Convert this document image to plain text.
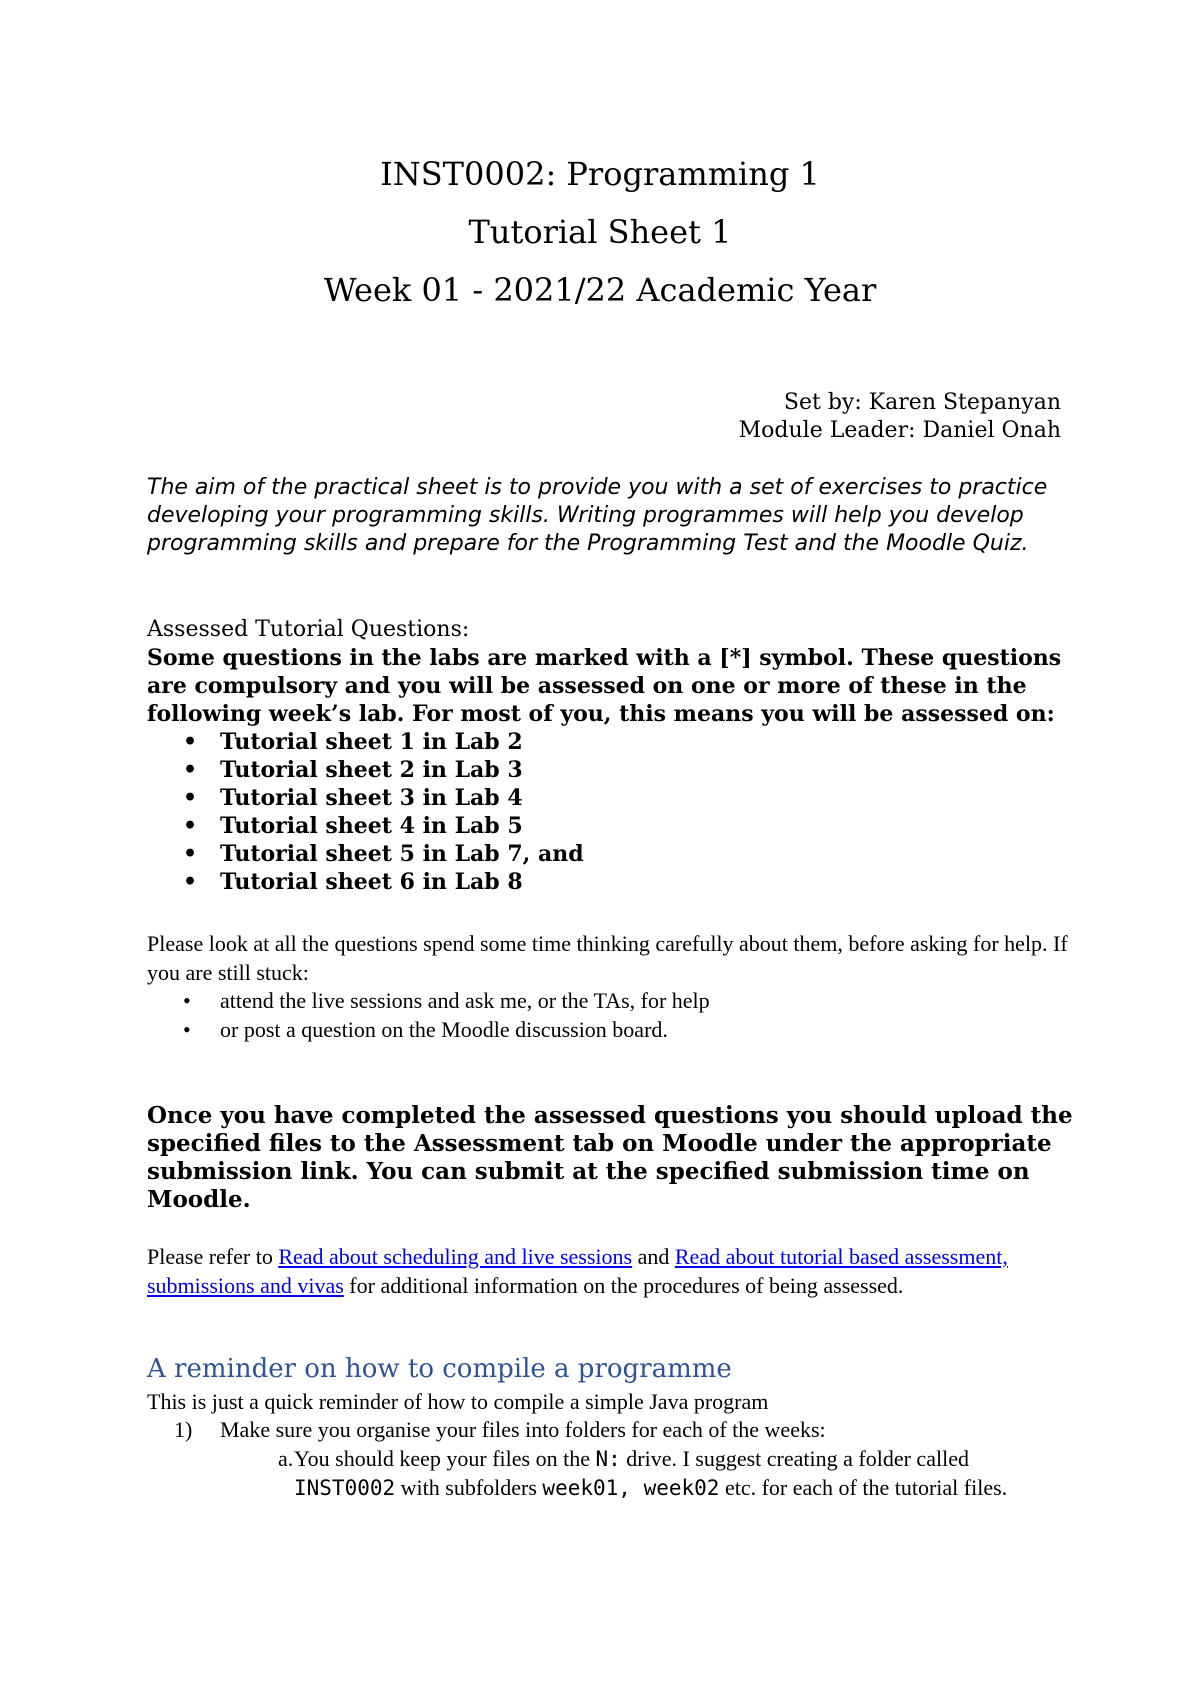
INST0002: Programming 1
Tutorial Sheet 1
Week 01 - 2021/22 Academic Year
Set by: Karen Stepanyan
Module Leader: Daniel Onah
The aim of the practical sheet is to provide you with a set of exercises to practice developing your programming skills. Writing programmes will help you develop programming skills and prepare for the Programming Test and the Moodle Quiz.
Assessed Tutorial Questions:
Some questions in the labs are marked with a [*] symbol. These questions are compulsory and you will be assessed on one or more of these in the following week’s lab. For most of you, this means you will be assessed on:
• Tutorial sheet 1 in Lab 2
• Tutorial sheet 2 in Lab 3
• Tutorial sheet 3 in Lab 4
• Tutorial sheet 4 in Lab 5
• Tutorial sheet 5 in Lab 7, and
• Tutorial sheet 6 in Lab 8
Please look at all the questions spend some time thinking carefully about them, before asking for help. If you are still stuck:
• attend the live sessions and ask me, or the TAs, for help
• or post a question on the Moodle discussion board.
Once you have completed the assessed questions you should upload the specified files to the Assessment tab on Moodle under the appropriate submission link. You can submit at the specified submission time on Moodle.
Please refer to Read about scheduling and live sessions and Read about tutorial based assessment, submissions and vivas for additional information on the procedures of being assessed.
A reminder on how to compile a programme
This is just a quick reminder of how to compile a simple Java program
1) Make sure you organise your files into folders for each of the weeks:
a. You should keep your files on the N: drive. I suggest creating a folder called INST0002 with subfolders week01, week02 etc. for each of the tutorial files.
